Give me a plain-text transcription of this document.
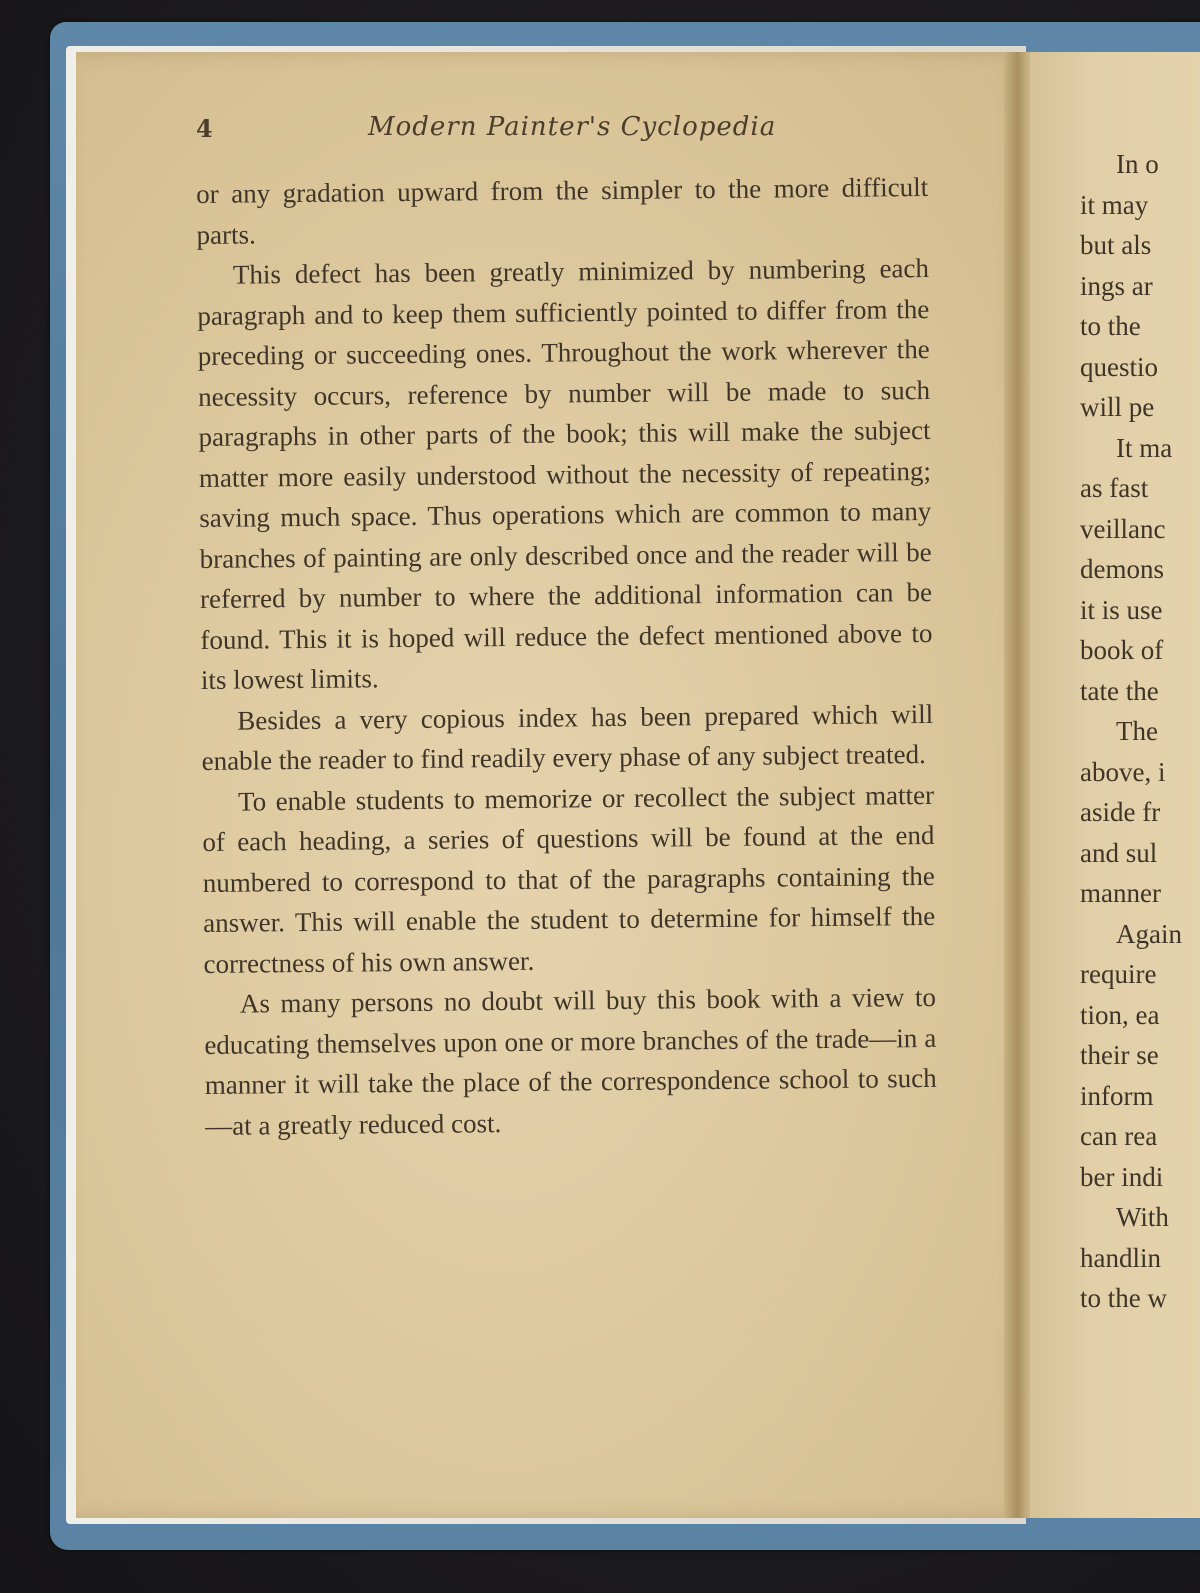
4	Modern Painter's Cyclopedia

or any gradation upward from the simpler to the more difficult parts.

This defect has been greatly minimized by numbering each paragraph and to keep them sufficiently pointed to differ from the preceding or succeeding ones. Throughout the work wherever the necessity occurs, reference by number will be made to such paragraphs in other parts of the book; this will make the subject matter more easily understood without the necessity of repeating; saving much space. Thus operations which are common to many branches of painting are only described once and the reader will be referred by number to where the additional information can be found. This it is hoped will reduce the defect mentioned above to its lowest limits.

Besides a very copious index has been prepared which will enable the reader to find readily every phase of any subject treated.

To enable students to memorize or recollect the subject matter of each heading, a series of questions will be found at the end numbered to correspond to that of the paragraphs containing the answer. This will enable the student to determine for himself the correctness of his own answer.

As many persons no doubt will buy this book with a view to educating themselves upon one or more branches of the trade—in a manner it will take the place of the correspondence school to such—at a greatly reduced cost.

In o
it may
but als
ings ar
to the
questio
will pe
It ma
as fast
veillanc
demons
it is use
book of
tate the
The
above, i
aside fr
and sul
manner
Again
require
tion, ea
their se
inform
can rea
ber indi
With
handlin
to the w
